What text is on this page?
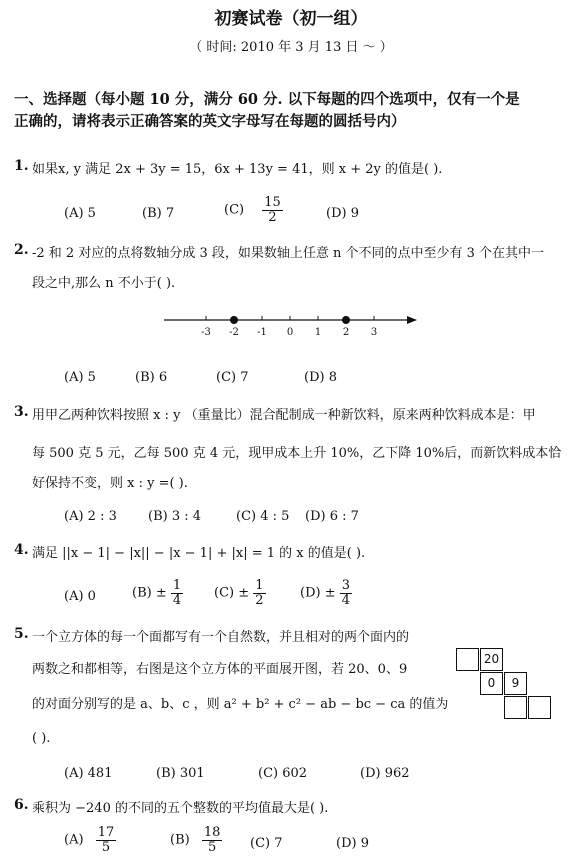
初赛试卷（初一组）
（ 时间: 2010 年 3 月 13 日 ～ ）
一、选择题（每小题 10 分，满分 60 分. 以下每题的四个选项中，仅有一个是
正确的，请将表示正确答案的英文字母写在每题的圆括号内）
1. 如果x, y 满足 2x + 3y = 15，6x + 13y = 41，则 x + 2y 的值是( ).
(A) 5	(B) 7	$(C) \frac{15}{2}$	(D) 9
2. -2 和 2 对应的点将数轴分成 3 段，如果数轴上任意 n 个不同的点中至少有 3 个在其中一
段之中,那么 n 不小于( ).
-3 -2 -1 0 1 2 3
(A) 5	(B) 6	(C) 7	(D) 8
3. 用甲乙两种饮料按照 x : y （重量比）混合配制成一种新饮料，原来两种饮料成本是：甲
每 500 克 5 元，乙每 500 克 4 元，现甲成本上升 10%，乙下降 10%后，而新饮料成本恰
好保持不变，则 x : y =( ).
(A) 2 : 3 (B) 3 : 4	(C) 4 : 5 (D) 6 : 7
4. 满足 ||x − 1| − |x|| − |x − 1| + |x| = 1 的 x 的值是( ).
(A) 0	$(B) \pm \frac{1}{4} (C) \pm \frac{1}{2}$	$(D) \pm \frac{3}{4}$
5. 一个立方体的每一个面都写有一个自然数，并且相对的两个面内的
两数之和都相等，右图是这个立方体的平面展开图，若 20、0、9
的对面分别写的是 a、b、c ，则 a² + b² + c² − ab − bc − ca 的值为
( ).
20
0	9
(A) 481	(B) 301	(C) 602	(D) 962
6. 乘积为 −240 的不同的五个整数的平均值最大是( ).
$(A) \frac{17}{5}$	$(B) \frac{18}{5} (C)$ 7	(D) 9
